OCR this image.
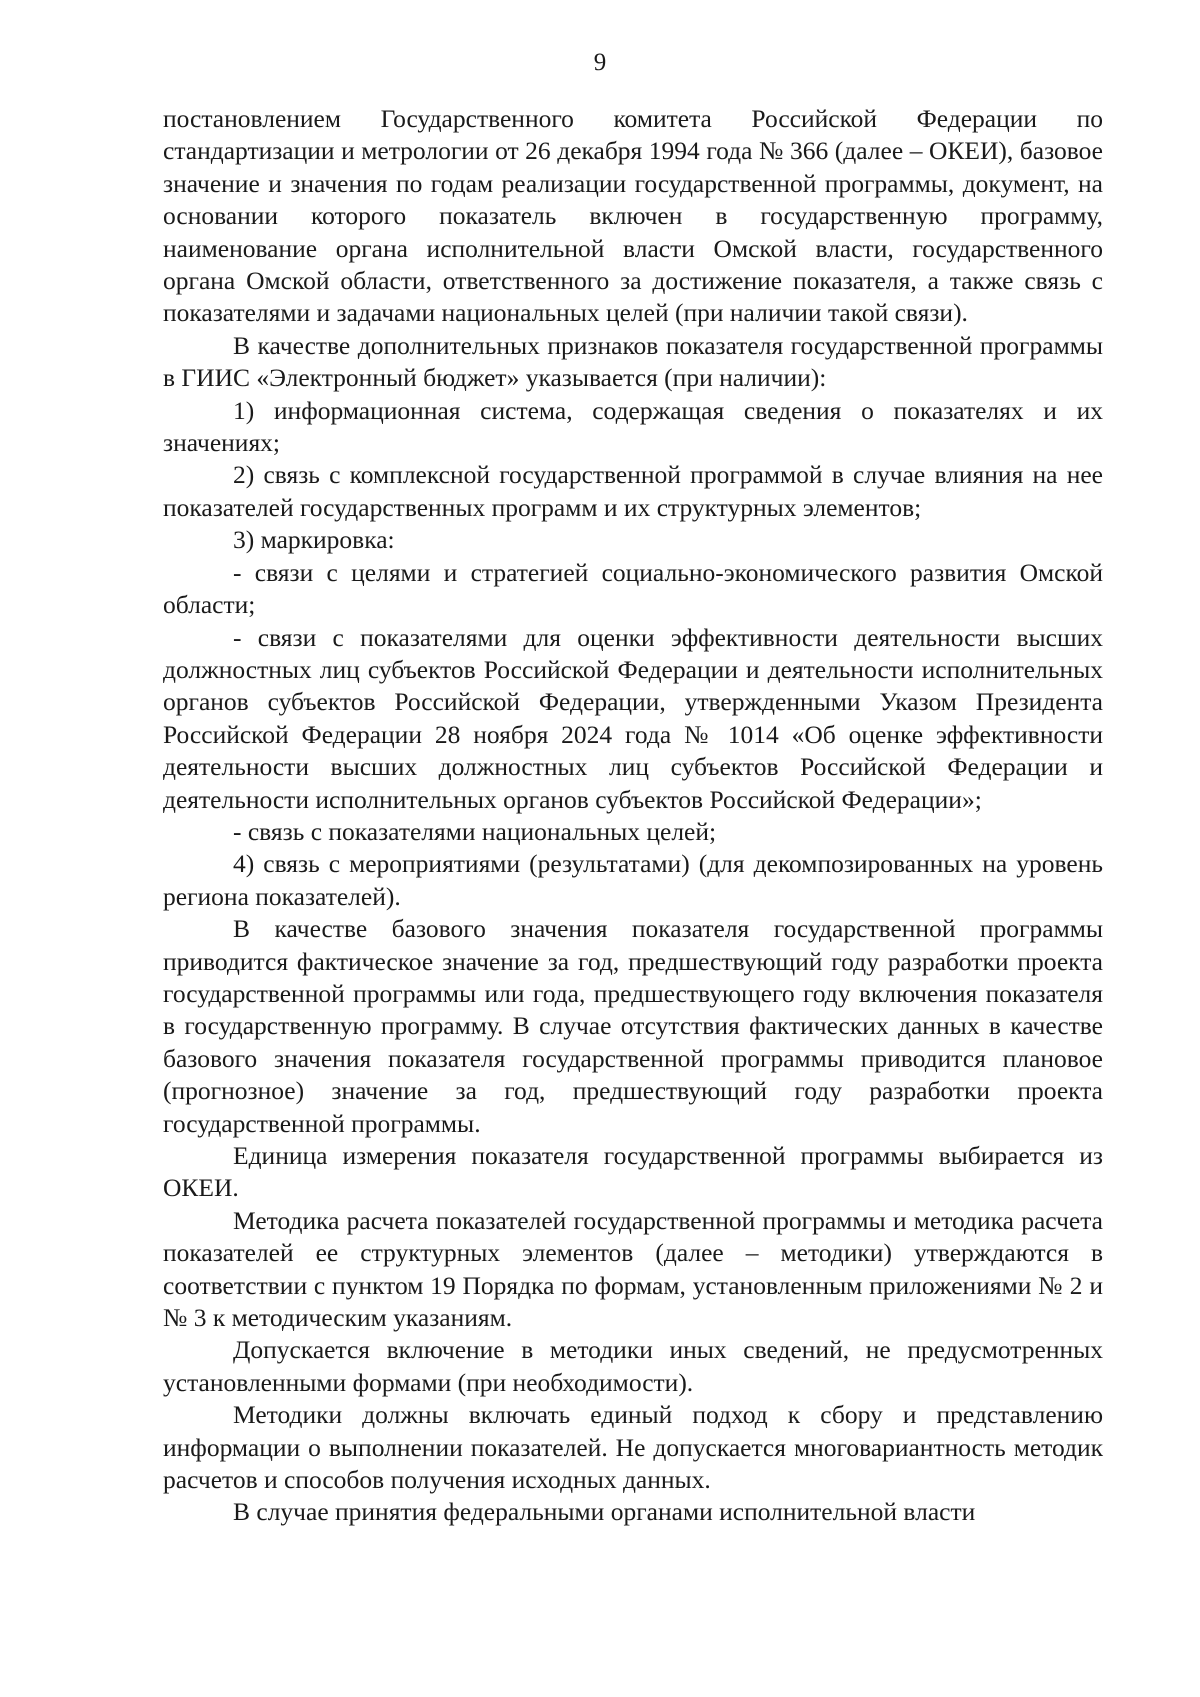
9

постановлением Государственного комитета Российской Федерации по стандартизации и метрологии от 26 декабря 1994 года № 366 (далее – ОКЕИ), базовое значение и значения по годам реализации государственной программы, документ, на основании которого показатель включен в государственную программу, наименование органа исполнительной власти Омской власти, государственного органа Омской области, ответственного за достижение показателя, а также связь с показателями и задачами национальных целей (при наличии такой связи).

В качестве дополнительных признаков показателя государственной программы в ГИИС «Электронный бюджет» указывается (при наличии):

1) информационная система, содержащая сведения о показателях и их значениях;

2) связь с комплексной государственной программой в случае влияния на нее показателей государственных программ и их структурных элементов;

3) маркировка:

- связи с целями и стратегией социально-экономического развития Омской области;

- связи с показателями для оценки эффективности деятельности высших должностных лиц субъектов Российской Федерации и деятельности исполнительных органов субъектов Российской Федерации, утвержденными Указом Президента Российской Федерации 28 ноября 2024 года № 1014 «Об оценке эффективности деятельности высших должностных лиц субъектов Российской Федерации и деятельности исполнительных органов субъектов Российской Федерации»;

- связь с показателями национальных целей;

4) связь с мероприятиями (результатами) (для декомпозированных на уровень региона показателей).

В качестве базового значения показателя государственной программы приводится фактическое значение за год, предшествующий году разработки проекта государственной программы или года, предшествующего году включения показателя в государственную программу. В случае отсутствия фактических данных в качестве базового значения показателя государственной программы приводится плановое (прогнозное) значение за год, предшествующий году разработки проекта государственной программы.

Единица измерения показателя государственной программы выбирается из ОКЕИ.

Методика расчета показателей государственной программы и методика расчета показателей ее структурных элементов (далее – методики) утверждаются в соответствии с пунктом 19 Порядка по формам, установленным приложениями № 2 и № 3 к методическим указаниям.

Допускается включение в методики иных сведений, не предусмотренных установленными формами (при необходимости).

Методики должны включать единый подход к сбору и представлению информации о выполнении показателей. Не допускается многовариантность методик расчетов и способов получения исходных данных.

В случае принятия федеральными органами исполнительной власти
